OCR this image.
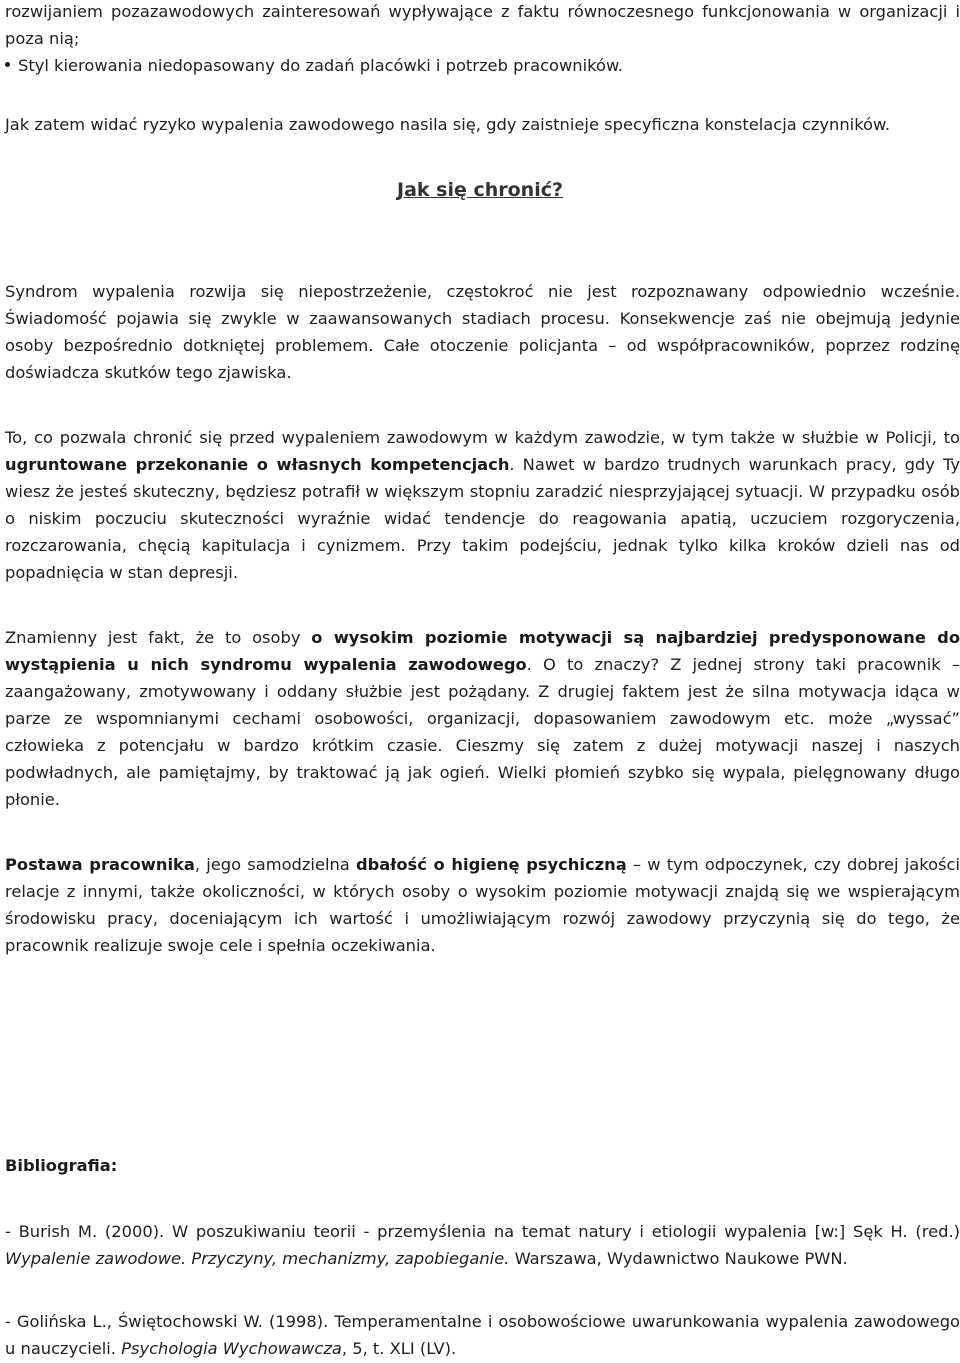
rozwijaniem pozazawodowych zainteresowań wypływające z faktu równoczesnego funkcjonowania w organizacji i poza nią;

Styl kierowania niedopasowany do zadań placówki i potrzeb pracowników.

Jak zatem widać ryzyko wypalenia zawodowego nasila się, gdy zaistnieje specyficzna konstelacja czynników.

Jak się chronić?

Syndrom wypalenia rozwija się niepostrzeżenie, częstokroć nie jest rozpoznawany odpowiednio wcześnie. Świadomość pojawia się zwykle w zaawansowanych stadiach procesu. Konsekwencje zaś nie obejmują jedynie osoby bezpośrednio dotkniętej problemem. Całe otoczenie policjanta – od współpracowników, poprzez rodzinę doświadcza skutków tego zjawiska.

To, co pozwala chronić się przed wypaleniem zawodowym w każdym zawodzie, w tym także w służbie w Policji, to ugruntowane przekonanie o własnych kompetencjach. Nawet w bardzo trudnych warunkach pracy, gdy Ty wiesz że jesteś skuteczny, będziesz potrafił w większym stopniu zaradzić niesprzyjającej sytuacji. W przypadku osób o niskim poczuciu skuteczności wyraźnie widać tendencje do reagowania apatią, uczuciem rozgoryczenia, rozczarowania, chęcią kapitulacja i cynizmem. Przy takim podejściu, jednak tylko kilka kroków dzieli nas od popadnięcia w stan depresji.

Znamienny jest fakt, że to osoby o wysokim poziomie motywacji są najbardziej predysponowane do wystąpienia u nich syndromu wypalenia zawodowego. O to znaczy? Z jednej strony taki pracownik – zaangażowany, zmotywowany i oddany służbie jest pożądany. Z drugiej faktem jest że silna motywacja idąca w parze ze wspomnianymi cechami osobowości, organizacji, dopasowaniem zawodowym etc. może „wyssać” człowieka z potencjału w bardzo krótkim czasie. Cieszmy się zatem z dużej motywacji naszej i naszych podwładnych, ale pamiętajmy, by traktować ją jak ogień. Wielki płomień szybko się wypala, pielęgnowany długo płonie.

Postawa pracownika, jego samodzielna dbałość o higienę psychiczną – w tym odpoczynek, czy dobrej jakości relacje z innymi, także okoliczności, w których osoby o wysokim poziomie motywacji znajdą się we wspierającym środowisku pracy, doceniającym ich wartość i umożliwiającym rozwój zawodowy przyczynią się do tego, że pracownik realizuje swoje cele i spełnia oczekiwania.

Bibliografia:

- Burish M. (2000). W poszukiwaniu teorii - przemyślenia na temat natury i etiologii wypalenia [w:] Sęk H. (red.) Wypalenie zawodowe. Przyczyny, mechanizmy, zapobieganie. Warszawa, Wydawnictwo Naukowe PWN.

- Golińska L., Świętochowski W. (1998). Temperamentalne i osobowościowe uwarunkowania wypalenia zawodowego u nauczycieli. Psychologia Wychowawcza, 5, t. XLI (LV).
